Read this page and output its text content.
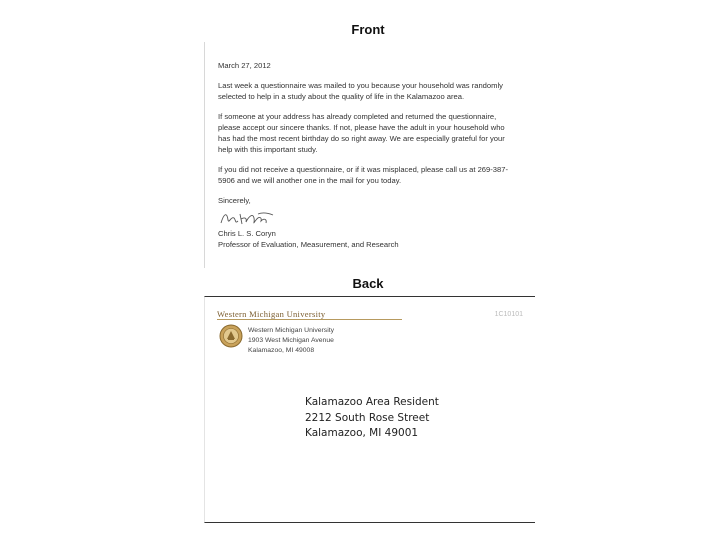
Front

March 27, 2012

Last week a questionnaire was mailed to you because your household was randomly selected to help in a study about the quality of life in the Kalamazoo area.

If someone at your address has already completed and returned the questionnaire, please accept our sincere thanks. If not, please have the adult in your household who has had the most recent birthday do so right away. We are especially grateful for your help with this important study.

If you did not receive a questionnaire, or if it was misplaced, please call us at 269-387-5906 and we will another one in the mail for you today.

Sincerely,
Chris L. S. Coryn
Professor of Evaluation, Measurement, and Research
Back
Western Michigan University	1C10101
Western Michigan University
1903 West Michigan Avenue
Kalamazoo, MI 49008
Kalamazoo Area Resident
2212 South Rose Street
Kalamazoo, MI 49001
